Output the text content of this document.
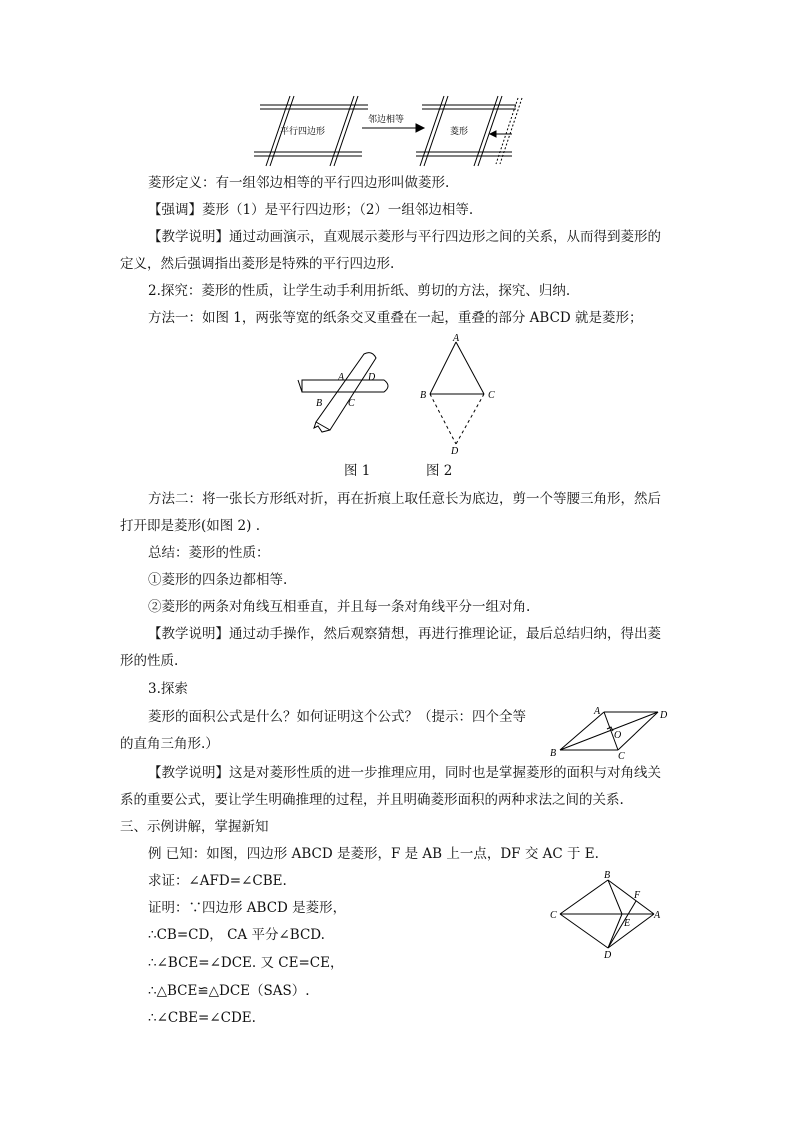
平行四边形
邻边相等
菱形
菱形定义：有一组邻边相等的平行四边形叫做菱形.
【强调】菱形（1）是平行四边形；（2）一组邻边相等.
【教学说明】通过动画演示，直观展示菱形与平行四边形之间的关系，从而得到菱形的
定义，然后强调指出菱形是特殊的平行四边形.
2.探究：菱形的性质，让学生动手利用折纸、剪切的方法，探究、归纳.
方法一：如图 1，两张等宽的纸条交叉重叠在一起，重叠的部分 ABCD 就是菱形；
A D
B	C
A
B	C
D
图 1	图 2
方法二：将一张长方形纸对折，再在折痕上取任意长为底边，剪一个等腰三角形，然后
打开即是菱形(如图 2) .
总结：菱形的性质：
①菱形的四条边都相等.
②菱形的两条对角线互相垂直，并且每一条对角线平分一组对角.
【教学说明】通过动手操作，然后观察猜想，再进行推理论证，最后总结归纳，得出菱
形的性质.
3.探索
菱形的面积公式是什么？如何证明这个公式？（提示：四个全等
的直角三角形.）
A	D
O
B	C
【教学说明】这是对菱形性质的进一步推理应用，同时也是掌握菱形的面积与对角线关
系的重要公式，要让学生明确推理的过程，并且明确菱形面积的两种求法之间的关系.
三、示例讲解，掌握新知
例 已知：如图，四边形 ABCD 是菱形，F 是 AB 上一点，DF 交 AC 于 E.
求证：∠AFD=∠CBE.	B
F
C	A
E
D
证明：∵四边形 ABCD 是菱形，
∴CB=CD， CA 平分∠BCD.
∴∠BCE=∠DCE. 又 CE=CE，
∴△BCE≌△DCE（SAS）.
∴∠CBE=∠CDE.
